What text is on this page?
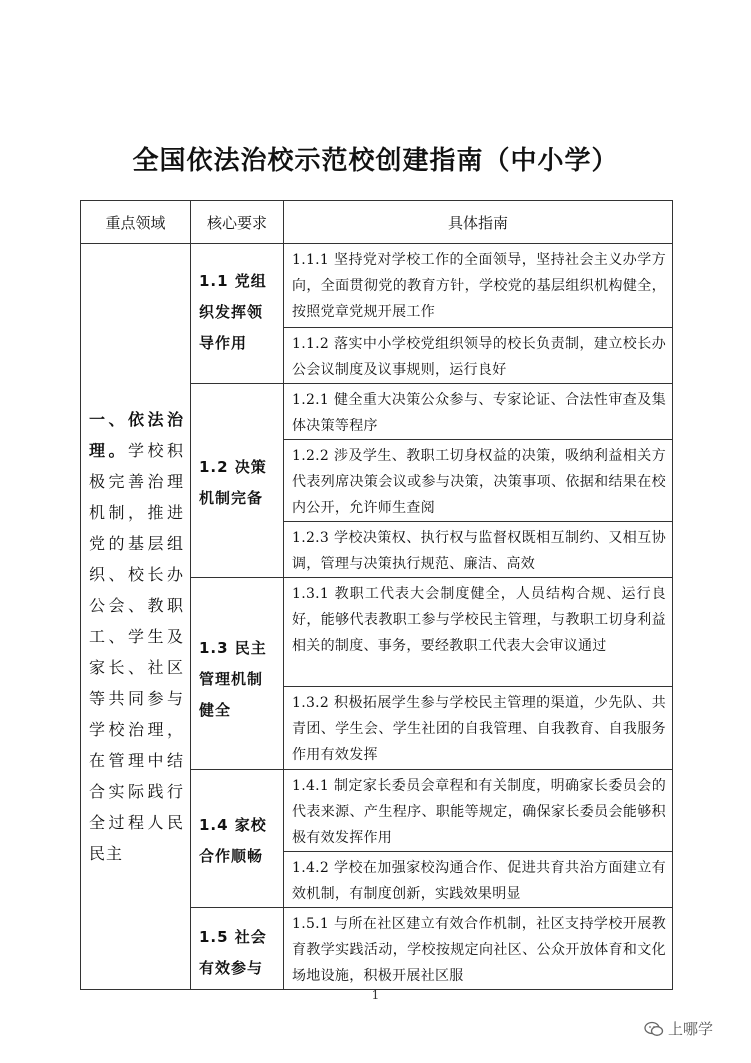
全国依法治校示范校创建指南（中小学）
重点领域	核心要求	具体指南
一、依法治理。学校积极完善治理机制，推进党的基层组织、校长办公会、教职工、学生及家长、社区等共同参与学校治理，在管理中结合实际践行全过程人民民主	1.1 党组织发挥领导作用	1.1.1 坚持党对学校工作的全面领导，坚持社会主义办学方向，全面贯彻党的教育方针，学校党的基层组织机构健全，按照党章党规开展工作
		1.1.2 落实中小学校党组织领导的校长负责制，建立校长办公会议制度及议事规则，运行良好
	1.2 决策机制完备	1.2.1 健全重大决策公众参与、专家论证、合法性审查及集体决策等程序
		1.2.2 涉及学生、教职工切身权益的决策，吸纳利益相关方代表列席决策会议或参与决策，决策事项、依据和结果在校内公开，允许师生查阅
		1.2.3 学校决策权、执行权与监督权既相互制约、又相互协调，管理与决策执行规范、廉洁、高效
	1.3 民主管理机制健全	1.3.1 教职工代表大会制度健全，人员结构合规、运行良好，能够代表教职工参与学校民主管理，与教职工切身利益相关的制度、事务，要经教职工代表大会审议通过
		1.3.2 积极拓展学生参与学校民主管理的渠道，少先队、共青团、学生会、学生社团的自我管理、自我教育、自我服务作用有效发挥
	1.4 家校合作顺畅	1.4.1 制定家长委员会章程和有关制度，明确家长委员会的代表来源、产生程序、职能等规定，确保家长委员会能够积极有效发挥作用
		1.4.2 学校在加强家校沟通合作、促进共育共治方面建立有效机制，有制度创新，实践效果明显
	1.5 社会有效参与	1.5.1 与所在社区建立有效合作机制，社区支持学校开展教育教学实践活动，学校按规定向社区、公众开放体育和文化场地设施，积极开展社区服
1
上哪学
